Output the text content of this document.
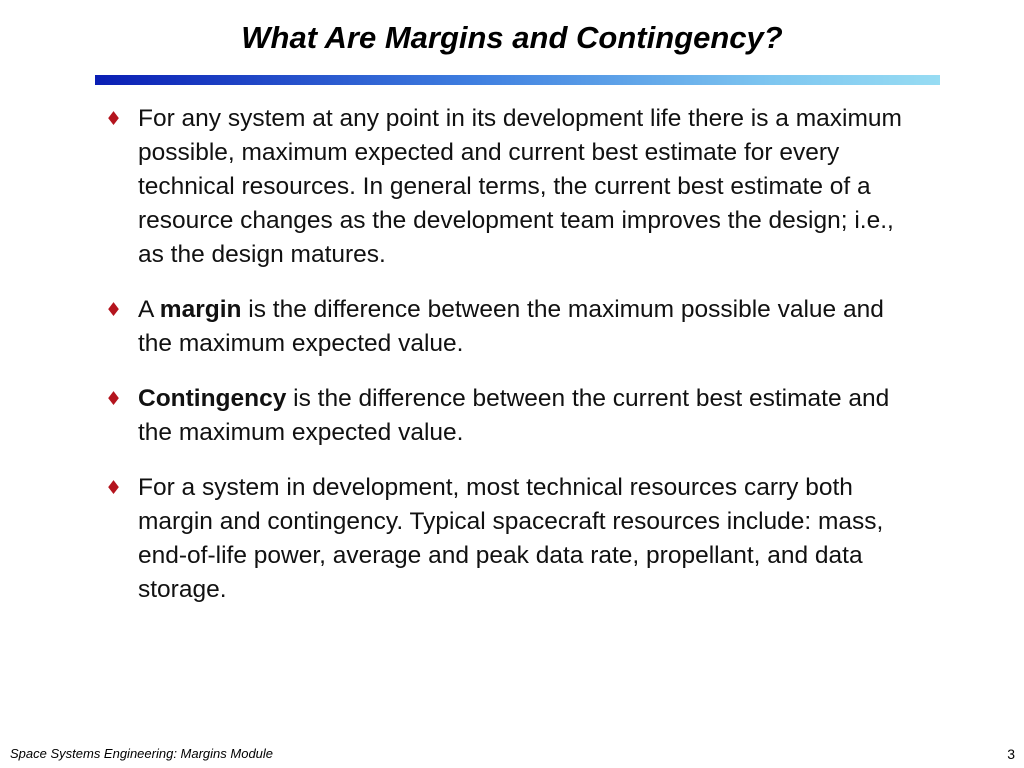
What Are Margins and Contingency?
♦ For any system at any point in its development life there is a maximum possible, maximum expected and current best estimate for every technical resources. In general terms, the current best estimate of a resource changes as the development team improves the design; i.e., as the design matures.
♦ A margin is the difference between the maximum possible value and the maximum expected value.
♦ Contingency is the difference between the current best estimate and the maximum expected value.
♦ For a system in development, most technical resources carry both margin and contingency. Typical spacecraft resources include: mass, end-of-life power, average and peak data rate, propellant, and data storage.
Space Systems Engineering: Margins Module	3
